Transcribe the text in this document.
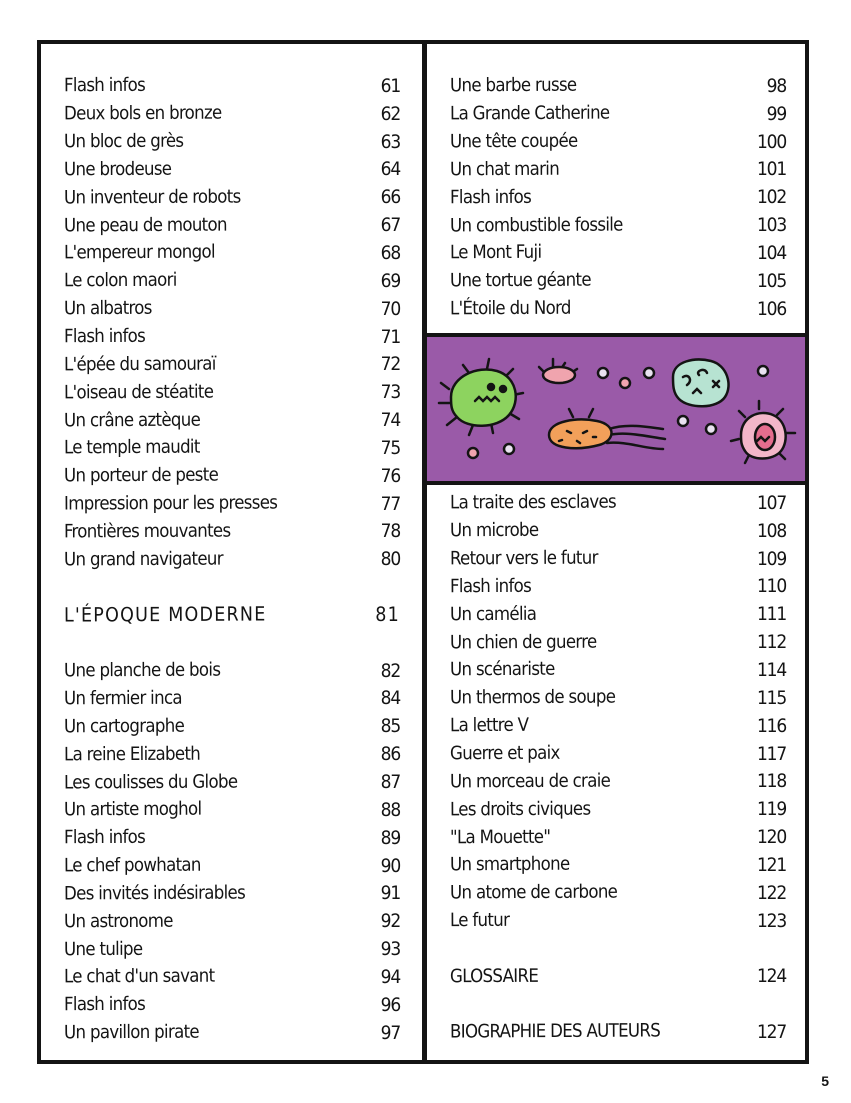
Flash infos	61
Deux bols en bronze	62
Un bloc de grès	63
Une brodeuse	64
Un inventeur de robots	66
Une peau de mouton	67
L'empereur mongol	68
Le colon maori	69
Un albatros	70
Flash infos	71
L'épée du samouraï	72
L'oiseau de stéatite	73
Un crâne aztèque	74
Le temple maudit	75
Un porteur de peste	76
Impression pour les presses	77
Frontières mouvantes	78
Un grand navigateur	80
L'ÉPOQUE MODERNE	81
Une planche de bois	82
Un fermier inca	84
Un cartographe	85
La reine Elizabeth	86
Les coulisses du Globe	87
Un artiste moghol	88
Flash infos	89
Le chef powhatan	90
Des invités indésirables	91
Un astronome	92
Une tulipe	93
Le chat d'un savant	94
Flash infos	96
Un pavillon pirate	97
Une barbe russe	98
La Grande Catherine	99
Une tête coupée	100
Un chat marin	101
Flash infos	102
Un combustible fossile	103
Le Mont Fuji	104
Une tortue géante	105
L'Étoile du Nord	106
La traite des esclaves	107
Un microbe	108
Retour vers le futur	109
Flash infos	110
Un camélia	111
Un chien de guerre	112
Un scénariste	114
Un thermos de soupe	115
La lettre V	116
Guerre et paix	117
Un morceau de craie	118
Les droits civiques	119
"La Mouette"	120
Un smartphone	121
Un atome de carbone	122
Le futur	123
GLOSSAIRE	124
BIOGRAPHIE DES AUTEURS	127
5
